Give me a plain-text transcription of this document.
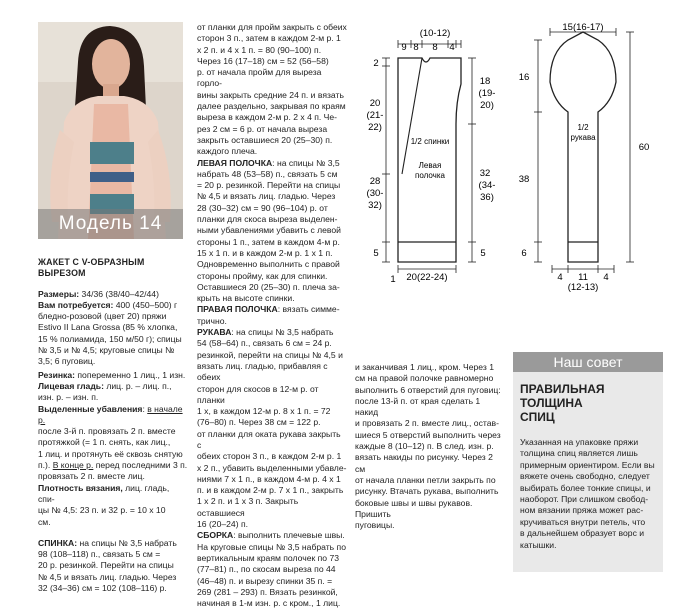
Модель 14

ЖАКЕТ С V-ОБРАЗНЫМ ВЫРЕЗОМ

Размеры: 34/36 (38/40–42/44)

Вам потребуется: 400 (450–500) г

бледно-розовой (цвет 20) пряжи

Estivo II Lana Grossa (85 % хлопка,

15 % полиамида, 150 м/50 г); спицы

№ 3,5 и № 4,5; круговые спицы №

3,5; 6 пуговиц.

Резинка: попеременно 1 лиц., 1 изн.

Лицевая гладь: лиц. р. – лиц. п.,

изн. р. – изн. п.

Выделенные убавления: в начале р.

после 3-й п. провязать 2 п. вместе

протяжкой (= 1 п. снять, как лиц.,

1 лиц. и протянуть её сквозь снятую

п.). В конце р. перед последними 3 п.

провязать 2 п. вместе лиц.

Плотность вязания, лиц. гладь, спи-

цы № 4,5: 23 п. и 32 р. = 10 х 10

см.

СПИНКА: на спицы № 3,5 набрать

98 (108–118) п., связать 5 см =

20 р. резинкой. Перейти на спицы

№ 4,5 и вязать лиц. гладью. Через

32 (34–36) см = 102 (108–116) р.

от планки для пройм закрыть с обеих

сторон 3 п., затем в каждом 2-м р. 1

х 2 п. и 4 х 1 п. = 80 (90–100) п.

Через 16 (17–18) см = 52 (56–58)

р. от начала пройм для выреза горло-

вины закрыть средние 24 п. и вязать

далее раздельно, закрывая по краям

выреза в каждом 2-м р. 2 х 4 п. Че-

рез 2 см = 6 р. от начала выреза

закрыть оставшиеся 20 (25–30) п.

каждого плеча.

ЛЕВАЯ ПОЛОЧКА: на спицы № 3,5

набрать 48 (53–58) п., связать 5 см

= 20 р. резинкой. Перейти на спицы

№ 4,5 и вязать лиц. гладью. Через

28 (30–32) см = 90 (96–104) р. от

планки для скоса выреза выделен-

ными убавлениями убавить с левой

стороны 1 п., затем в каждом 4-м р.

15 х 1 п. и в каждом 2-м р. 1 х 1 п.

Одновременно выполнить с правой

стороны пройму, как для спинки.

Оставшиеся 20 (25–30) п. плеча за-

крыть на высоте спинки.

ПРАВАЯ ПОЛОЧКА: вязать симме-

трично.

РУКАВА: на спицы № 3,5 набрать

54 (58–64) п., связать 6 см = 24 р.

резинкой, перейти на спицы № 4,5 и

вязать лиц. гладью, прибавляя с обеих

сторон для скосов в 12-м р. от планки

1 х, в каждом 12-м р. 8 х 1 п. = 72

(76–80) п. Через 38 см = 122 р.

от планки для оката рукава закрыть с

обеих сторон 3 п., в каждом 2-м р. 1

х 2 п., убавить выделенными убавле-

ниями 7 х 1 п., в каждом 4-м р. 4 х 1

п. и в каждом 2-м р. 7 х 1 п., закрыть

1 х 2 п. и 1 х 3 п. Закрыть оставшиеся

16 (20–24) п.

СБОРКА: выполнить плечевые швы.

На круговые спицы № 3,5 набрать по

вертикальным краям полочек по 73

(77–81) п., по скосам выреза по 44

(46–48) п. и вырезу спинки 35 п. =

269 (281 – 293) п. Вязать резинкой,

начиная в 1-м изн. р. с кром., 1 лиц.

и заканчивая 1 лиц., кром. Через 1

см на правой полочке равномерно

выполнить 6 отверстий для пуговиц:

после 13-й п. от края сделать 1 накид

и провязать 2 п. вместе лиц., остав-

шиеся 5 отверстий выполнить через

каждые 8 (10–12) п. В след. изн. р.

вязать накиды по рисунку. Через 2 см

от начала планки петли закрыть по

рисунку. Втачать рукава, выполнить

боковые швы и швы рукавов. Пришить

пуговицы.

(10-12)
9 8 8 4
2
20
(21-
22)
28
(30-
32)
5
1
18
(19-
20)
32
(34-
36)
5
20(22-24)
1/2 спинки
Левая
полочка
15(16-17)
16
38
6
60
1/2
рукава
4 11 4
(12-13)
Наш совет
ПРАВИЛЬНАЯ
ТОЛЩИНА
СПИЦ
Указанная на упаковке пряжи
толщина спиц является лишь
примерным ориентиром. Если вы
вяжете очень свободно, следует
выбирать более тонкие спицы, и
наоборот. При слишком свобод-
ном вязании пряжа может рас-
кручиваться внутри петель, что
в дальнейшем образует ворс и
катышки.
